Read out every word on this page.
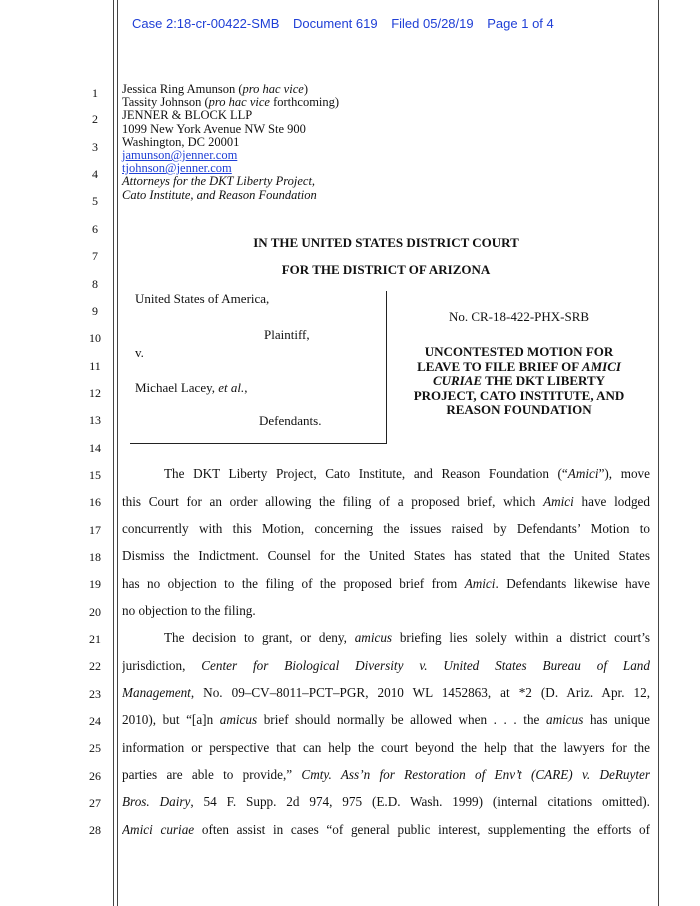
Case 2:18-cr-00422-SMB Document 619 Filed 05/28/19 Page 1 of 4
1
2
3
4
5
6
7
8
9
10
11
12
13
14
15
16
17
18
19
20
21
22
23
24
25
26
27
28
Jessica Ring Amunson (pro hac vice)
Tassity Johnson (pro hac vice forthcoming)
JENNER & BLOCK LLP
1099 New York Avenue NW Ste 900
Washington, DC 20001
jamunson@jenner.com
tjohnson@jenner.com
Attorneys for the DKT Liberty Project,
Cato Institute, and Reason Foundation
IN THE UNITED STATES DISTRICT COURT
FOR THE DISTRICT OF ARIZONA
United States of America,
Plaintiff,
v.
Michael Lacey, et al.,
Defendants.
No. CR-18-422-PHX-SRB
UNCONTESTED MOTION FOR
LEAVE TO FILE BRIEF OF AMICI
CURIAE THE DKT LIBERTY
PROJECT, CATO INSTITUTE, AND
REASON FOUNDATION
The DKT Liberty Project, Cato Institute, and Reason Foundation (“Amici”), move
this Court for an order allowing the filing of a proposed brief, which Amici have lodged
concurrently with this Motion, concerning the issues raised by Defendants’ Motion to
Dismiss the Indictment. Counsel for the United States has stated that the United States
has no objection to the filing of the proposed brief from Amici. Defendants likewise have
no objection to the filing.
The decision to grant, or deny, amicus briefing lies solely within a district court’s
jurisdiction, Center for Biological Diversity v. United States Bureau of Land
Management, No. 09–CV–8011–PCT–PGR, 2010 WL 1452863, at *2 (D. Ariz. Apr. 12,
2010), but “[a]n amicus brief should normally be allowed when . . . the amicus has unique
information or perspective that can help the court beyond the help that the lawyers for the
parties are able to provide,” Cmty. Ass’n for Restoration of Env’t (CARE) v. DeRuyter
Bros. Dairy, 54 F. Supp. 2d 974, 975 (E.D. Wash. 1999) (internal citations omitted).
Amici curiae often assist in cases “of general public interest, supplementing the efforts of
